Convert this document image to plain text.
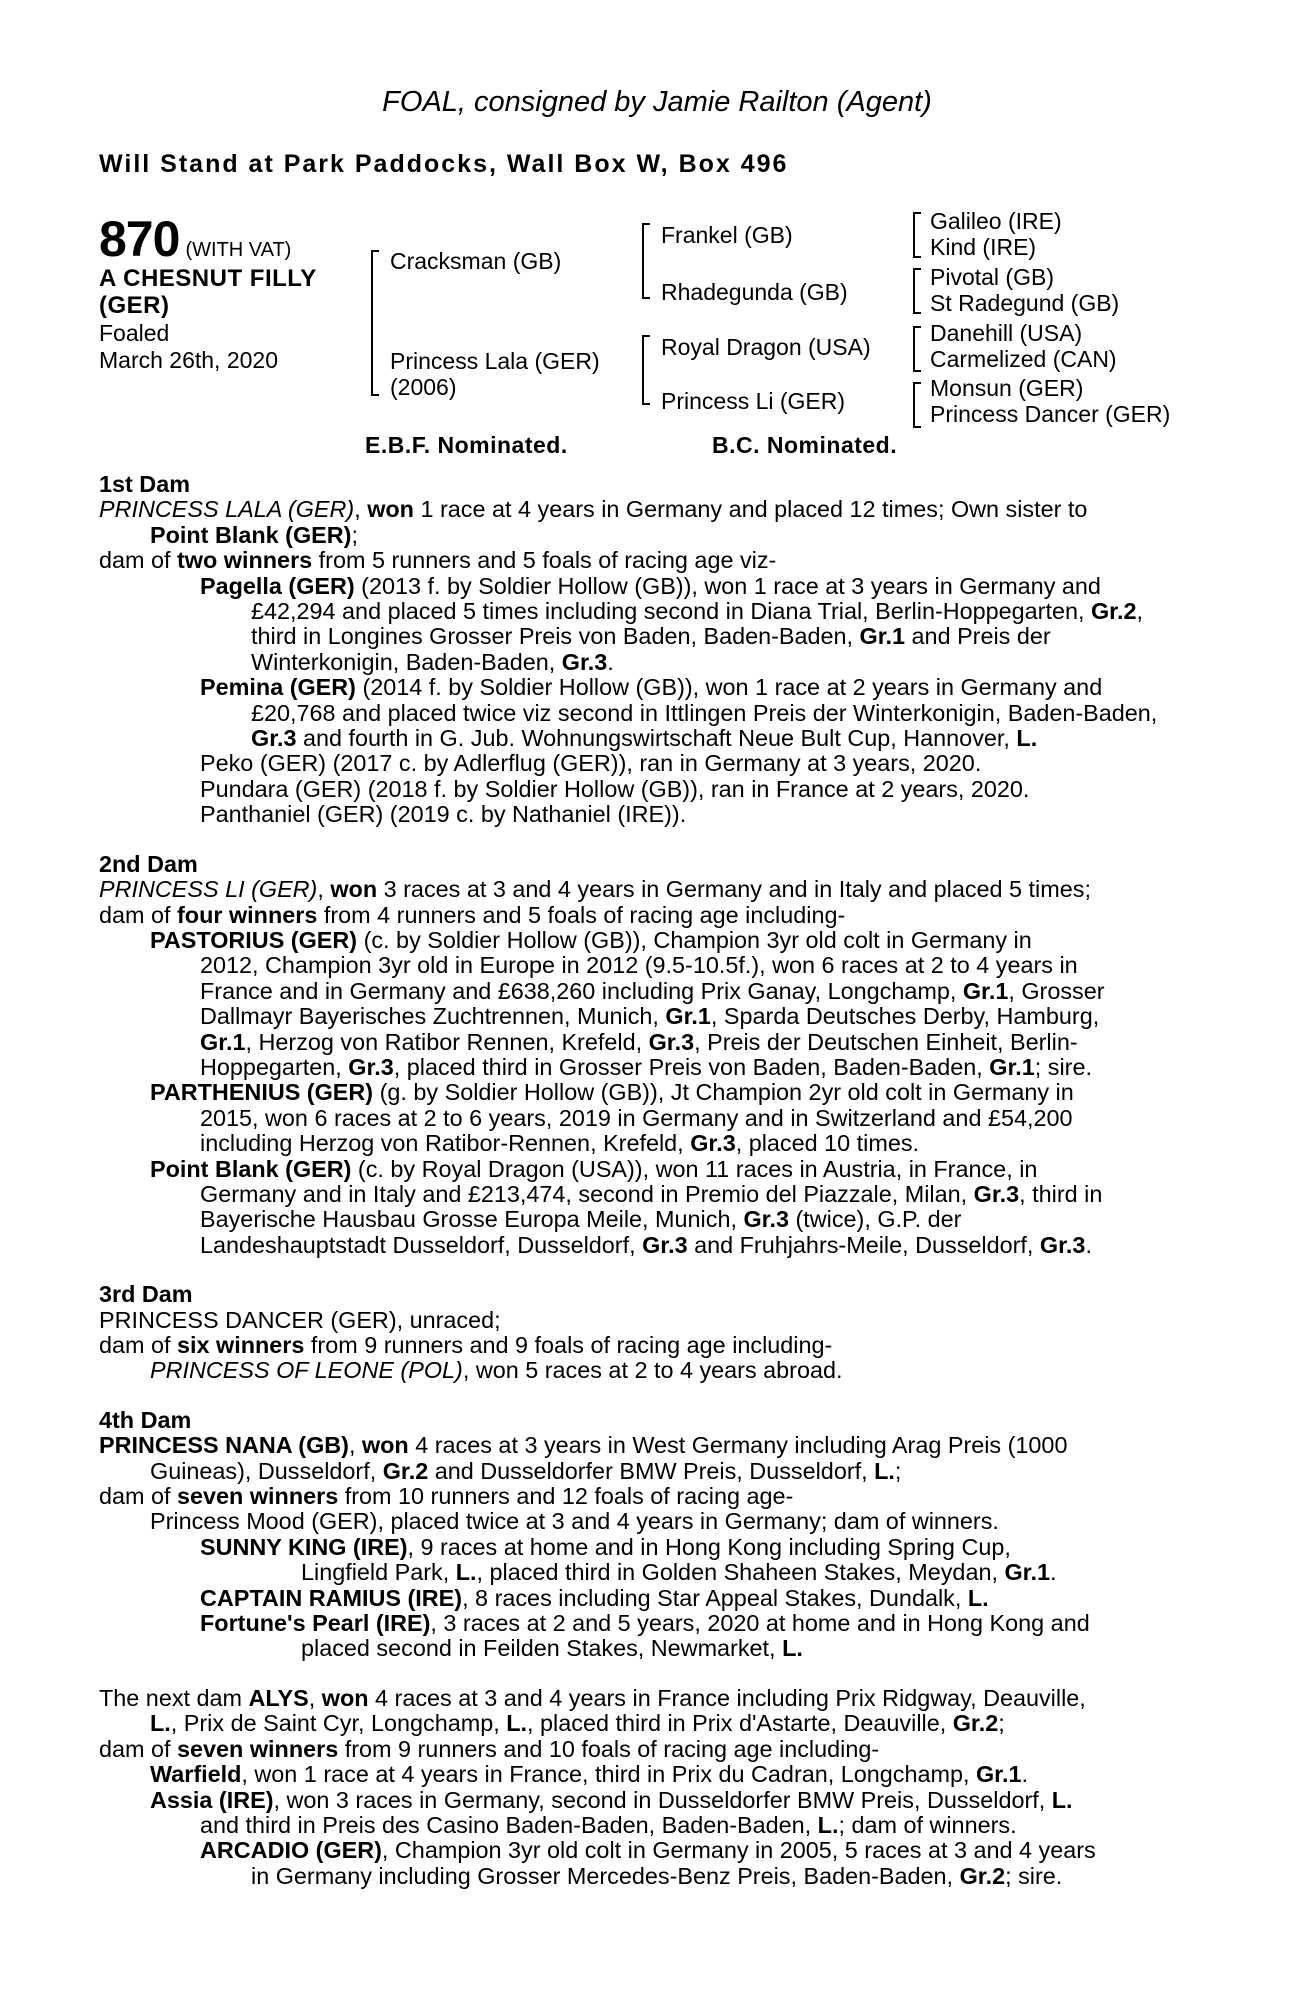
FOAL, consigned by Jamie Railton (Agent)
Will Stand at Park Paddocks, Wall Box W, Box 496
870 (WITH VAT)
A CHESNUT FILLY
(GER)
Foaled
March 26th, 2020
Cracksman (GB)
Princess Lala (GER)
(2006)
Frankel (GB)
Rhadegunda (GB)
Royal Dragon (USA)
Princess Li (GER)
Galileo (IRE)
Kind (IRE)
Pivotal (GB)
St Radegund (GB)
Danehill (USA)
Carmelized (CAN)
Monsun (GER)
Princess Dancer (GER)
E.B.F. Nominated.	B.C. Nominated.
1st Dam
PRINCESS LALA (GER), won 1 race at 4 years in Germany and placed 12 times; Own sister to
Point Blank (GER);
dam of two winners from 5 runners and 5 foals of racing age viz-
Pagella (GER) (2013 f. by Soldier Hollow (GB)), won 1 race at 3 years in Germany and
£42,294 and placed 5 times including second in Diana Trial, Berlin-Hoppegarten, Gr.2,
third in Longines Grosser Preis von Baden, Baden-Baden, Gr.1 and Preis der
Winterkonigin, Baden-Baden, Gr.3.
Pemina (GER) (2014 f. by Soldier Hollow (GB)), won 1 race at 2 years in Germany and
£20,768 and placed twice viz second in Ittlingen Preis der Winterkonigin, Baden-Baden,
Gr.3 and fourth in G. Jub. Wohnungswirtschaft Neue Bult Cup, Hannover, L.
Peko (GER) (2017 c. by Adlerflug (GER)), ran in Germany at 3 years, 2020.
Pundara (GER) (2018 f. by Soldier Hollow (GB)), ran in France at 2 years, 2020.
Panthaniel (GER) (2019 c. by Nathaniel (IRE)).
2nd Dam
PRINCESS LI (GER), won 3 races at 3 and 4 years in Germany and in Italy and placed 5 times;
dam of four winners from 4 runners and 5 foals of racing age including-
PASTORIUS (GER) (c. by Soldier Hollow (GB)), Champion 3yr old colt in Germany in
2012, Champion 3yr old in Europe in 2012 (9.5-10.5f.), won 6 races at 2 to 4 years in
France and in Germany and £638,260 including Prix Ganay, Longchamp, Gr.1, Grosser
Dallmayr Bayerisches Zuchtrennen, Munich, Gr.1, Sparda Deutsches Derby, Hamburg,
Gr.1, Herzog von Ratibor Rennen, Krefeld, Gr.3, Preis der Deutschen Einheit, Berlin-
Hoppegarten, Gr.3, placed third in Grosser Preis von Baden, Baden-Baden, Gr.1; sire.
PARTHENIUS (GER) (g. by Soldier Hollow (GB)), Jt Champion 2yr old colt in Germany in
2015, won 6 races at 2 to 6 years, 2019 in Germany and in Switzerland and £54,200
including Herzog von Ratibor-Rennen, Krefeld, Gr.3, placed 10 times.
Point Blank (GER) (c. by Royal Dragon (USA)), won 11 races in Austria, in France, in
Germany and in Italy and £213,474, second in Premio del Piazzale, Milan, Gr.3, third in
Bayerische Hausbau Grosse Europa Meile, Munich, Gr.3 (twice), G.P. der
Landeshauptstadt Dusseldorf, Dusseldorf, Gr.3 and Fruhjahrs-Meile, Dusseldorf, Gr.3.
3rd Dam
PRINCESS DANCER (GER), unraced;
dam of six winners from 9 runners and 9 foals of racing age including-
PRINCESS OF LEONE (POL), won 5 races at 2 to 4 years abroad.
4th Dam
PRINCESS NANA (GB), won 4 races at 3 years in West Germany including Arag Preis (1000
Guineas), Dusseldorf, Gr.2 and Dusseldorfer BMW Preis, Dusseldorf, L.;
dam of seven winners from 10 runners and 12 foals of racing age-
Princess Mood (GER), placed twice at 3 and 4 years in Germany; dam of winners.
SUNNY KING (IRE), 9 races at home and in Hong Kong including Spring Cup,
Lingfield Park, L., placed third in Golden Shaheen Stakes, Meydan, Gr.1.
CAPTAIN RAMIUS (IRE), 8 races including Star Appeal Stakes, Dundalk, L.
Fortune's Pearl (IRE), 3 races at 2 and 5 years, 2020 at home and in Hong Kong and
placed second in Feilden Stakes, Newmarket, L.
The next dam ALYS, won 4 races at 3 and 4 years in France including Prix Ridgway, Deauville,
L., Prix de Saint Cyr, Longchamp, L., placed third in Prix d'Astarte, Deauville, Gr.2;
dam of seven winners from 9 runners and 10 foals of racing age including-
Warfield, won 1 race at 4 years in France, third in Prix du Cadran, Longchamp, Gr.1.
Assia (IRE), won 3 races in Germany, second in Dusseldorfer BMW Preis, Dusseldorf, L.
and third in Preis des Casino Baden-Baden, Baden-Baden, L.; dam of winners.
ARCADIO (GER), Champion 3yr old colt in Germany in 2005, 5 races at 3 and 4 years
in Germany including Grosser Mercedes-Benz Preis, Baden-Baden, Gr.2; sire.
